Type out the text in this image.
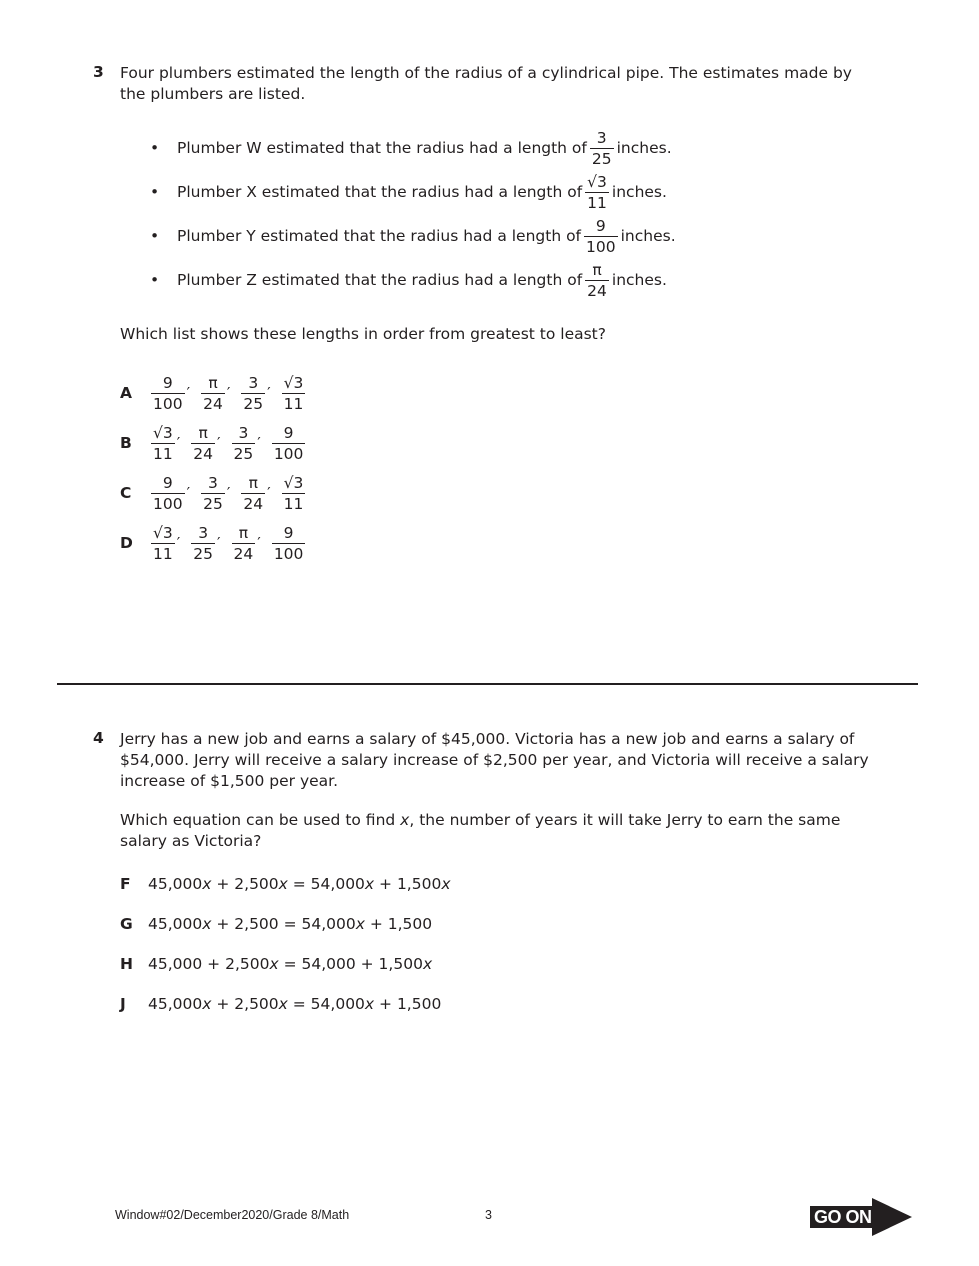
3 Four plumbers estimated the length of the radius of a cylindrical pipe. The estimates made by the plumbers are listed.
•	Plumber W estimated that the radius had a length of $\frac{3}{25}$ inches.
•	Plumber X estimated that the radius had a length of $\frac{√3}{11}$ inches.
•	Plumber Y estimated that the radius had a length of $\frac{9}{100}$ inches.
•	Plumber Z estimated that the radius had a length of $\frac{\pi}{24}$ inches.
Which list shows these lengths in order from greatest to least?
A	$\frac{9}{100}$ ′ $\frac{\pi}{24}$ ′ $\frac{3}{25}$ ′ $\frac{√3}{11}$
B	$\frac{√3}{11}$ ′ $\frac{\pi}{24}$ ′ $\frac{3}{25}$ ′ $\frac{9}{100}$
C	$\frac{9}{100}$ ′ $\frac{3}{25}$ ′ $\frac{\pi}{24}$ ′ $\frac{√3}{11}$
D	$\frac{√3}{11}$ ′ $\frac{3}{25}$ ′ $\frac{\pi}{24}$ ′ $\frac{9}{100}$
4 Jerry has a new job and earns a salary of $45,000. Victoria has a new job and earns a salary of $54,000. Jerry will receive a salary increase of $2,500 per year, and Victoria will receive a salary increase of $1,500 per year.
Which equation can be used to find x, the number of years it will take Jerry to earn the same salary as Victoria?
F	45,000x + 2,500x = 54,000x + 1,500x
G 45,000x + 2,500 = 54,000x + 1,500
H 45,000 + 2,500x = 54,000 + 1,500x
J	45,000x + 2,500x = 54,000x + 1,500
Window#02/December2020/Grade 8/Math	3	GO ON
